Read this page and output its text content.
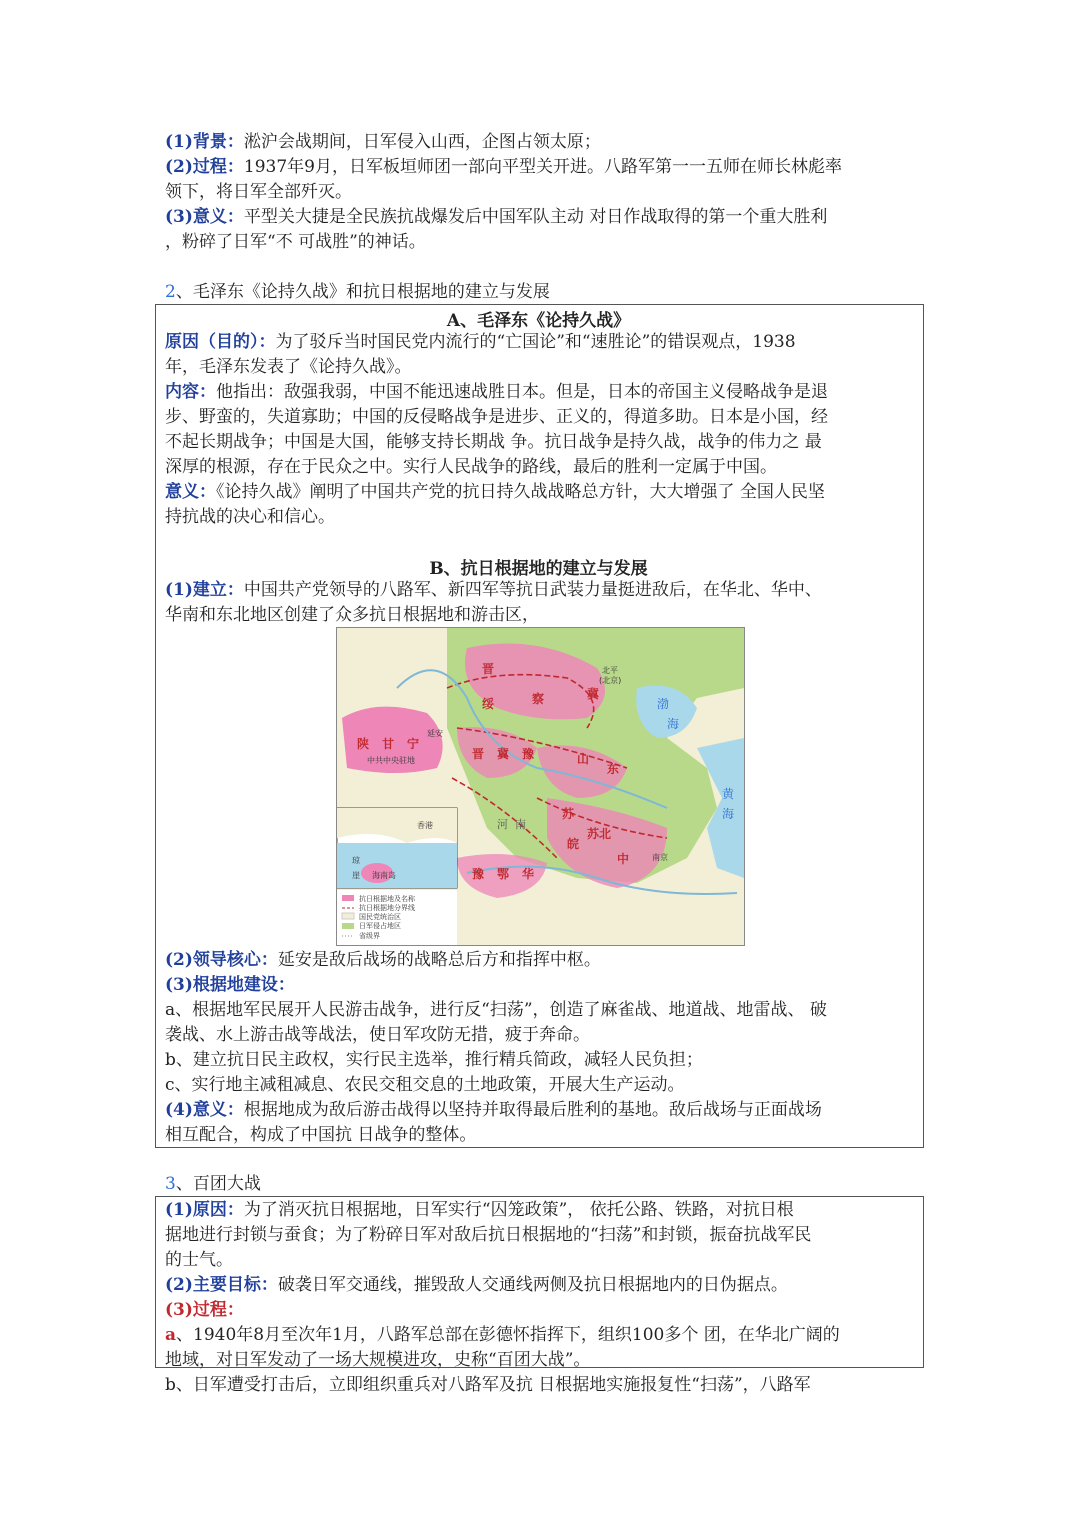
(1)背景：淞沪会战期间，日军侵入山西，企图占领太原；
(2)过程：1937年9月，日军板垣师团一部向平型关开进。八路军第一一五师在师长林彪率
领下，将日军全部歼灭。
(3)意义：平型关大捷是全民族抗战爆发后中国军队主动 对日作战取得的第一个重大胜利
，粉碎了日军“不 可战胜”的神话。
2、毛泽东《论持久战》和抗日根据地的建立与发展
A、毛泽东《论持久战》
原因（目的）：为了驳斥当时国民党内流行的“亡国论”和“速胜论”的错误观点，1938
年，毛泽东发表了《论持久战》。
内容：他指出：敌强我弱，中国不能迅速战胜日本。但是，日本的帝国主义侵略战争是退
步、野蛮的，失道寡助；中国的反侵略战争是进步、正义的，得道多助。日本是小国，经
不起长期战争；中国是大国，能够支持长期战 争。抗日战争是持久战，战争的伟力之 最
深厚的根源，存在于民众之中。实行人民战争的路线，最后的胜利一定属于中国。
意义：《论持久战》阐明了中国共产党的抗日持久战战略总方针，大大增强了 全国人民坚
持抗战的决心和信心。
B、抗日根据地的建立与发展
(1)建立：中国共产党领导的八路军、新四军等抗日武装力量挺进敌后，在华北、华中、
华南和东北地区创建了众多抗日根据地和游击区，
抗日根据地及名称
抗日根据地分界线
国民党统治区
日军侵占地区
省级界
晋
绥	察	冀
陕 甘 宁
晋 冀 豫	山
东
苏北
中
鄂 华
苏
皖
豫
北平
(北京)
延安
中共中央驻地
南京
海南岛
香港
琼
崖
渤
海
黄
海
河 南
(2)领导核心：延安是敌后战场的战略总后方和指挥中枢。
(3)根据地建设：
a、根据地军民展开人民游击战争，进行反“扫荡”，创造了麻雀战、地道战、地雷战、 破
袭战、水上游击战等战法，使日军攻防无措，疲于奔命。
b、建立抗日民主政权，实行民主选举，推行精兵简政，减轻人民负担；
c、实行地主减租减息、农民交租交息的土地政策，开展大生产运动。
(4)意义：根据地成为敌后游击战得以坚持并取得最后胜利的基地。敌后战场与正面战场
相互配合，构成了中国抗 日战争的整体。
3、百团大战
(1)原因：为了消灭抗日根据地，日军实行“囚笼政策”， 依托公路、铁路，对抗日根
据地进行封锁与蚕食；为了粉碎日军对敌后抗日根据地的“扫荡”和封锁，振奋抗战军民
的士气。
(2)主要目标：破袭日军交通线，摧毁敌人交通线两侧及抗日根据地内的日伪据点。
(3)过程：
a、1940年8月至次年1月，八路军总部在彭德怀指挥下，组织100多个 团，在华北广阔的
地域，对日军发动了一场大规模进攻，史称“百团大战”。
b、日军遭受打击后，立即组织重兵对八路军及抗 日根据地实施报复性“扫荡”，八路军
